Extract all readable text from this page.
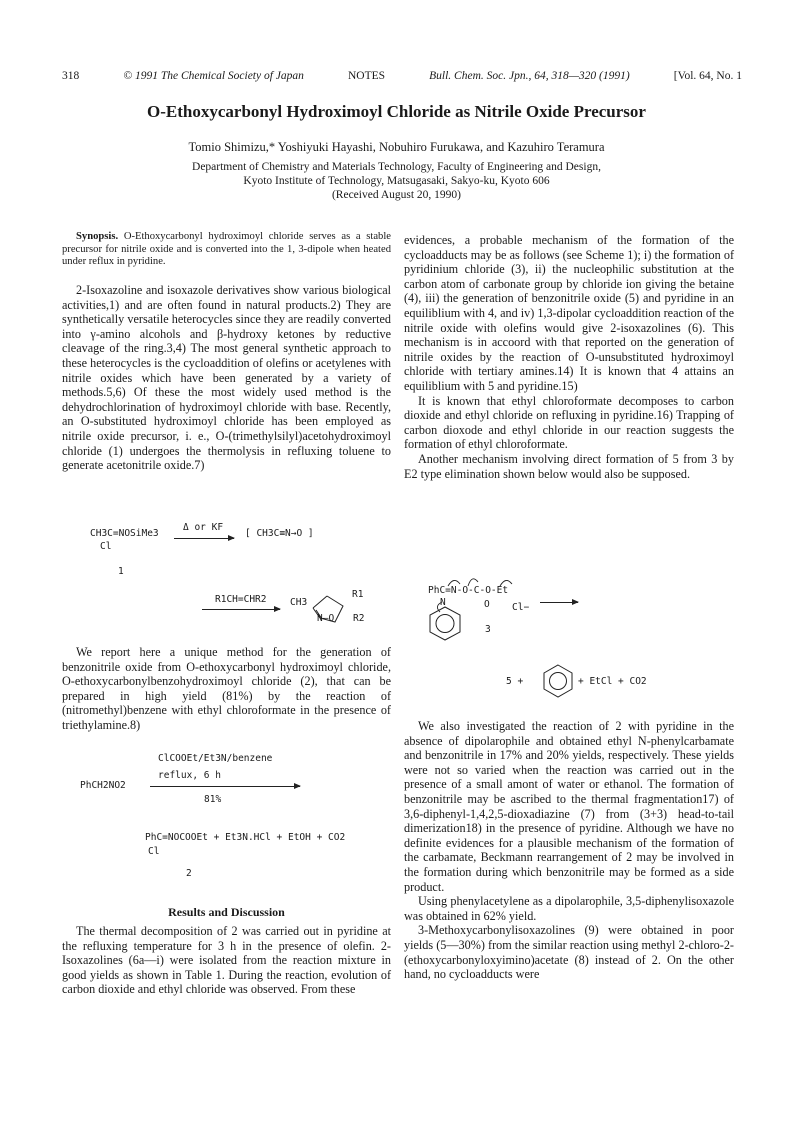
318	© 1991 The Chemical Society of Japan	NOTES	Bull. Chem. Soc. Jpn., 64, 318—320 (1991)	[Vol. 64, No. 1
O-Ethoxycarbonyl Hydroximoyl Chloride as Nitrile Oxide Precursor
Tomio Shimizu,* Yoshiyuki Hayashi, Nobuhiro Furukawa, and Kazuhiro Teramura
Department of Chemistry and Materials Technology, Faculty of Engineering and Design,
Kyoto Institute of Technology, Matsugasaki, Sakyo-ku, Kyoto 606
(Received August 20, 1990)

Synopsis. O-Ethoxycarbonyl hydroximoyl chloride serves as a stable precursor for nitrile oxide and is converted into the 1, 3-dipole when heated under reflux in pyridine.

2-Isoxazoline and isoxazole derivatives show various biological activities,1) and are often found in natural products.2) They are synthetically versatile heterocycles since they are readily converted into γ-amino alcohols and β-hydroxy ketones by reductive cleavage of the ring.3,4) The most general synthetic approach to these heterocycles is the cycloaddition of olefins or acetylenes with nitrile oxides which have been generated by a variety of methods.5,6) Of these the most widely used method is the dehydrochlorination of hydroximoyl chloride with base. Recently, an O-substituted hydroximoyl chloride has been employed as nitrile oxide precursor, i. e., O-(trimethylsilyl)acetohydroximoyl chloride (1) undergoes the thermolysis in refluxing toluene to generate acetonitrile oxide.7)

CH3C=NOSiMe3
Cl
Δ or KF
[ CH3C≡N→O ]
1
R1CH=CHR2 CH3
R1
N–O R2

We report here a unique method for the generation of benzonitrile oxide from O-ethoxycarbonyl hydroximoyl chloride, O-ethoxycarbonylbenzohydroximoyl chloride (2), that can be prepared in high yield (81%) by the reaction of (nitromethyl)benzene with ethyl chloroformate in the presence of triethylamine.8)

ClCOOEt/Et3N/benzene
reflux, 6 h
PhCH2NO2
81%
PhC=NOCOOEt + Et3N.HCl + EtOH + CO2
Cl
2
Results and Discussion

The thermal decomposition of 2 was carried out in pyridine at the refluxing temperature for 3 h in the presence of olefin. 2-Isoxazolines (6a—i) were isolated from the reaction mixture in good yields as shown in Table 1. During the reaction, evolution of carbon dioxide and ethyl chloride was observed. From these

evidences, a probable mechanism of the formation of the cycloadducts may be as follows (see Scheme 1); i) the formation of pyridinium chloride (3), ii) the nucleophilic substitution at the carbon atom of carbonate group by chloride ion giving the betaine (4), iii) the generation of benzonitrile oxide (5) and pyridine in an equiliblium with 4, and iv) 1,3-dipolar cycloaddition reaction of the nitrile oxide with olefins would give 2-isoxazolines (6). This mechanism is in accoord with that reported on the generation of nitrile oxides by the reaction of O-unsubstituted hydroximoyl chloride with tertiary amines.14) It is known that 4 attains an equiliblium with 5 and pyridine.15)

It is known that ethyl chloroformate decomposes to carbon dioxide and ethyl chloride on refluxing in pyridine.16) Trapping of carbon dioxode and ethyl chloride in our reaction suggests the formation of ethyl chloroformate.

Another mechanism involving direct formation of 5 from 3 by E2 type elimination shown below would also be supposed.

PhC=N-O-C-O-Et
O Cl−
N
3
5 +	+ EtCl + CO2

We also investigated the reaction of 2 with pyridine in the absence of dipolarophile and obtained ethyl N-phenylcarbamate and benzonitrile in 17% and 20% yields, respectively. These yields were not so varied when the reaction was carried out in the presence of a small amont of water or ethanol. The formation of benzonitrile may be ascribed to the thermal fragmentation17) of 3,6-diphenyl-1,4,2,5-dioxadiazine (7) from (3+3) head-to-tail dimerization18) in the presence of pyridine. Although we have no definite evidences for a plausible mechanism of the formation of the carbamate, Beckmann rearrangement of 2 may be involved in the formation during which benzonitrile may be formed as a side product.

Using phenylacetylene as a dipolarophile, 3,5-diphenylisoxazole was obtained in 62% yield.

3-Methoxycarbonylisoxazolines (9) were obtained in poor yields (5—30%) from the similar reaction using methyl 2-chloro-2-(ethoxycarbonyloxyimino)acetate (8) instead of 2. On the other hand, no cycloadducts were
